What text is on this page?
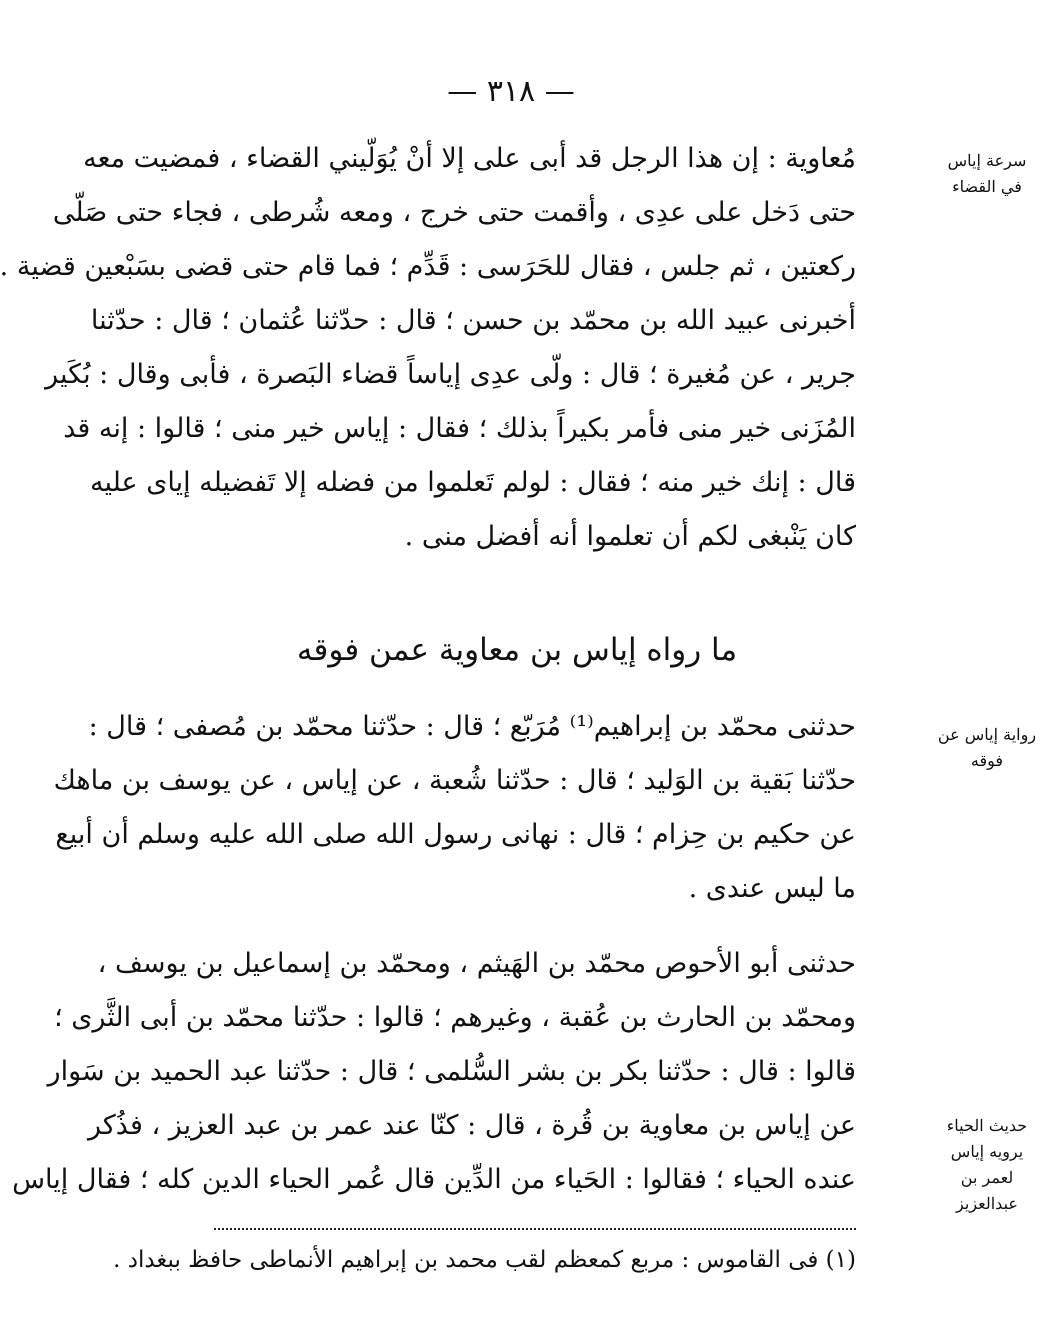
— ٣١٨ —
سرعة إياس في القضاء
رواية إياس عن فوقه
حديث الحياء يرويه إياس لعمر بن عبدالعزيز
مُعاوية : إن هذا الرجل قد أبى على إلا أنْ يُوَلّيني القضاء ، فمضيت معه
حتى دَخل على عدِى ، وأقمت حتى خرج ، ومعه شُرطى ، فجاء حتى صَلّى
ركعتين ، ثم جلس ، فقال للحَرَسى : قَدِّم ؛ فما قام حتى قضى بسَبْعين قضية .
أخبرنى عبيد الله بن محمّد بن حسن ؛ قال : حدّثنا عُثمان ؛ قال : حدّثنا
جرير ، عن مُغيرة ؛ قال : ولّى عدِى إياساً قضاء البَصرة ، فأبى وقال : بُكَير
المُزَنى خير منى فأمر بكيراً بذلك ؛ فقال : إياس خير منى ؛ قالوا : إنه قد
قال : إنك خير منه ؛ فقال : لولم تَعلموا من فضله إلا تَفضيله إياى عليه
كان يَنْبغى لكم أن تعلموا أنه أفضل منى .
ما رواه إياس بن معاوية عمن فوقه
حدثنى محمّد بن إبراهيم⁽¹⁾ مُرَبّع ؛ قال : حدّثنا محمّد بن مُصفى ؛ قال :
حدّثنا بَقية بن الوَليد ؛ قال : حدّثنا شُعبة ، عن إياس ، عن يوسف بن ماهك
عن حكيم بن حِزام ؛ قال : نهانى رسول الله صلى الله عليه وسلم أن أبيع
ما ليس عندى .
حدثنى أبو الأحوص محمّد بن الهَيثم ، ومحمّد بن إسماعيل بن يوسف ،
ومحمّد بن الحارث بن عُقبة ، وغيرهم ؛ قالوا : حدّثنا محمّد بن أبى الثَّرى ؛
قالوا : قال : حدّثنا بكر بن بشر السُّلمى ؛ قال : حدّثنا عبد الحميد بن سَوار
عن إياس بن معاوية بن قُرة ، قال : كنّا عند عمر بن عبد العزيز ، فذُكر
عنده الحياء ؛ فقالوا : الحَياء من الدِّين قال عُمر الحياء الدين كله ؛ فقال إياس
(١) فى القاموس : مربع كمعظم لقب محمد بن إبراهيم الأنماطى حافظ ببغداد .
